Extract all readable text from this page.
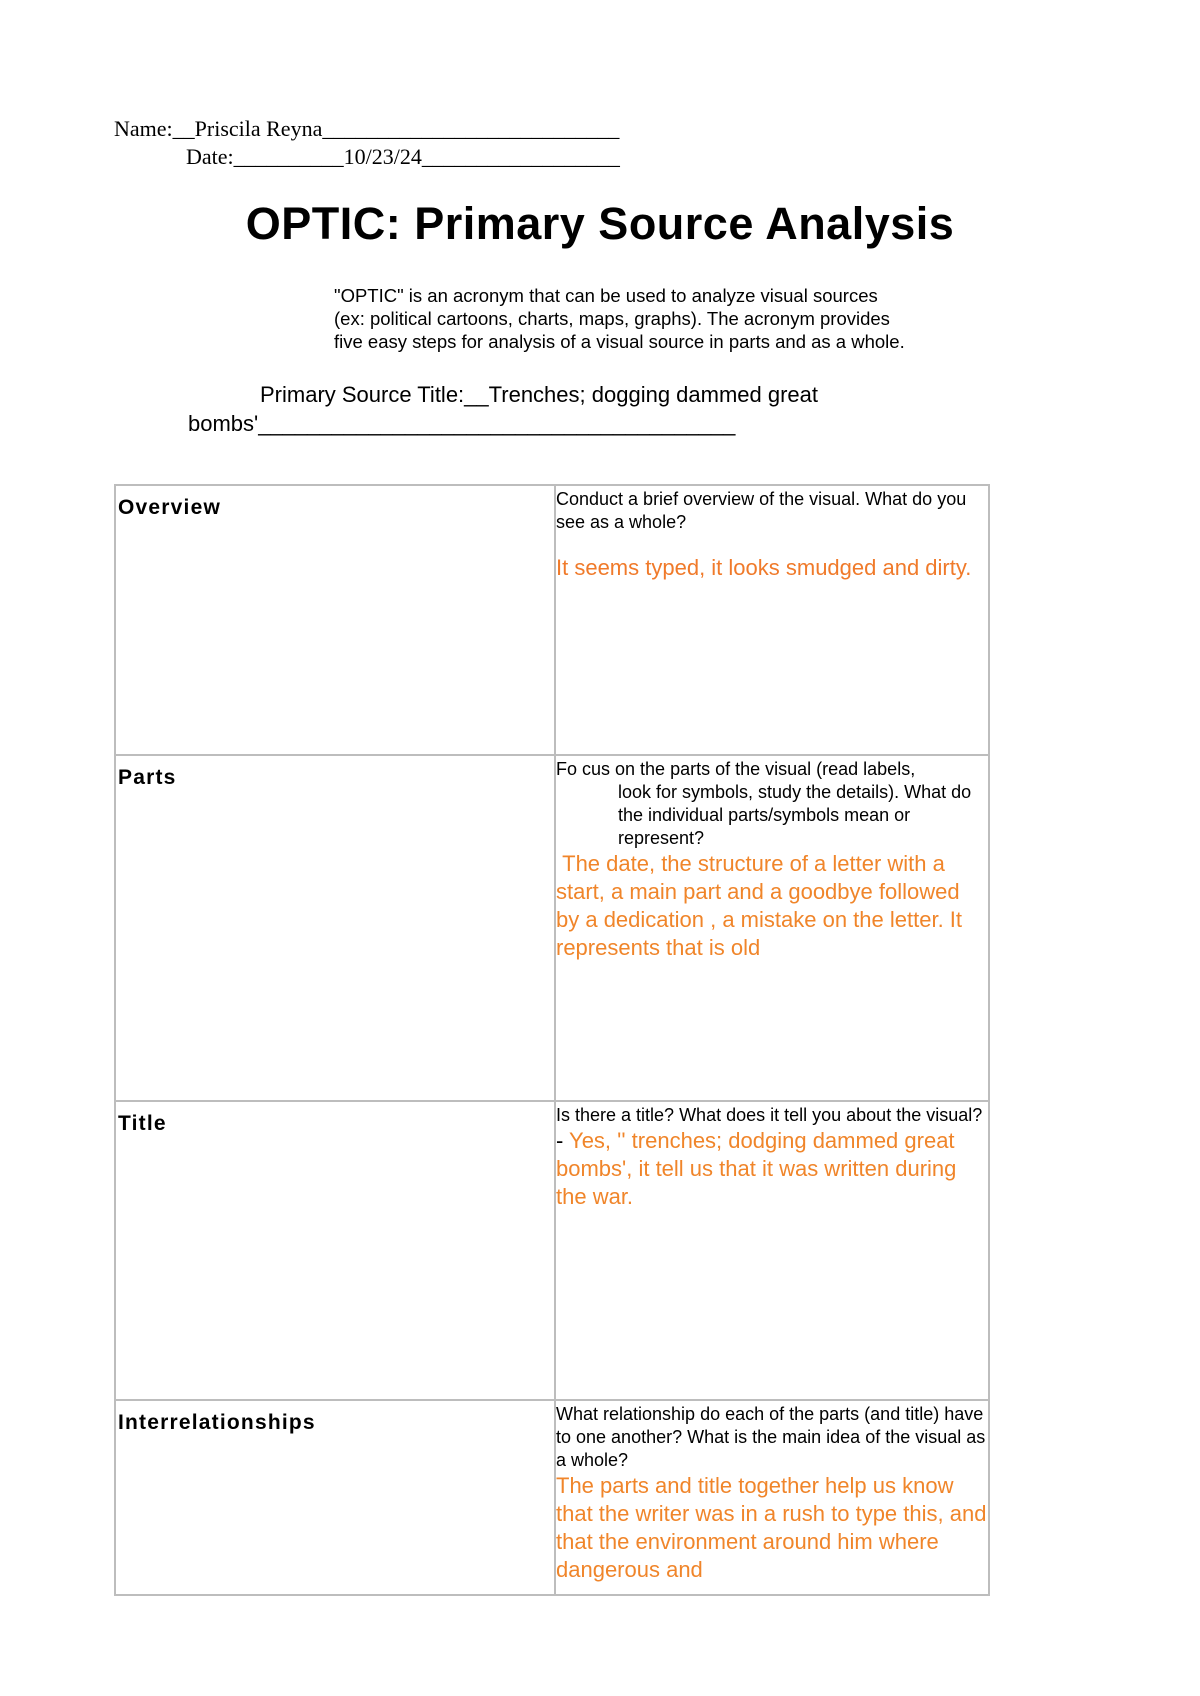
Name:__Priscila Reyna___________________________
Date:__________10/23/24__________________
OPTIC: Primary Source Analysis
"OPTIC" is an acronym that can be used to analyze visual sources
(ex: political cartoons, charts, maps, graphs). The acronym provides
five easy steps for analysis of a visual source in parts and as a whole.
Primary Source Title:__Trenches; dogging dammed great
bombs'_______________________________________
Overview	Conduct a brief overview of the visual. What do you see as a whole?
It seems typed, it looks smudged and dirty.

Parts	Fo cus on the parts of the visual (read labels,
look for symbols, study the details). What do the individual parts/symbols mean or represent?
The date, the structure of a letter with a start, a main part and a goodbye followed by a dedication , a mistake on the letter. It represents that is old

Title	Is there a title? What does it tell you about the visual?
- Yes, '' trenches; dodging dammed great bombs', it tell us that it was written during the war.

Interrelationships	What relationship do each of the parts (and title) have to one another? What is the main idea of the visual as a whole?
The parts and title together help us know that the writer was in a rush to type this, and that the environment around him where dangerous and
